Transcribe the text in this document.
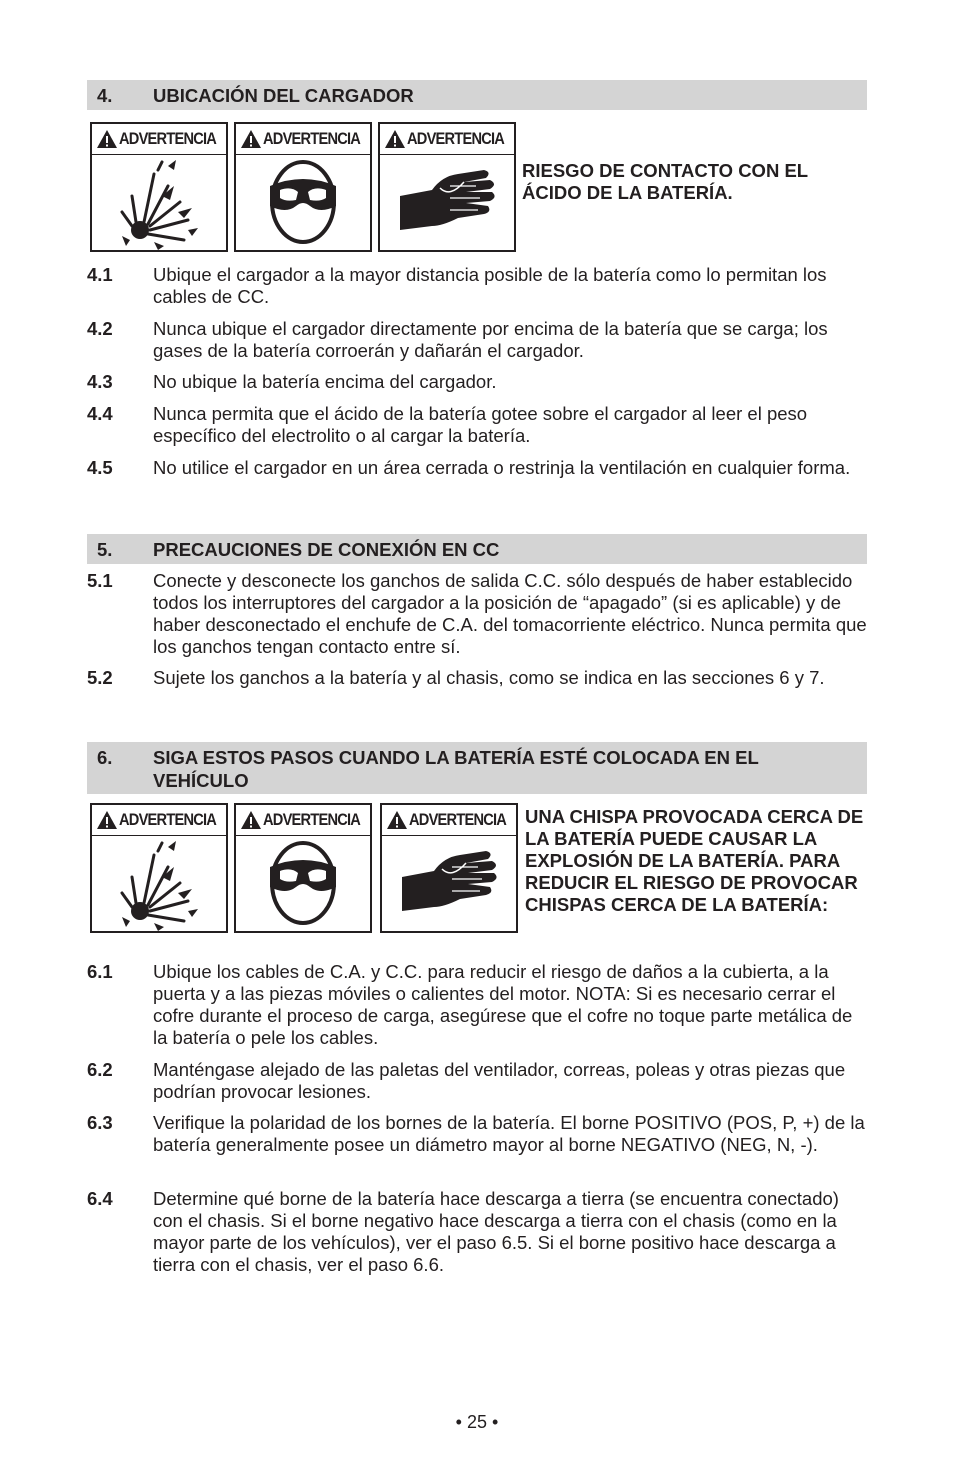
4. UBICACIÓN DEL CARGADOR
ADVERTENCIA	ADVERTENCIA	ADVERTENCIA
RIESGO DE CONTACTO CON EL ÁCIDO DE LA BATERÍA.
4.1 Ubique el cargador a la mayor distancia posible de la batería como lo permitan los cables de CC.
4.2 Nunca ubique el cargador directamente por encima de la batería que se carga; los gases de la batería corroerán y dañarán el cargador.
4.3 No ubique la batería encima del cargador.
4.4 Nunca permita que el ácido de la batería gotee sobre el cargador al leer el peso específico del electrolito o al cargar la batería.
4.5 No utilice el cargador en un área cerrada o restrinja la ventilación en cualquier forma.
5. PRECAUCIONES DE CONEXIÓN EN CC
5.1 Conecte y desconecte los ganchos de salida C.C. sólo después de haber establecido todos los interruptores del cargador a la posición de “apagado” (si es aplicable) y de haber desconectado el enchufe de C.A. del tomacorriente eléctrico. Nunca permita que los ganchos tengan contacto entre sí.
5.2 Sujete los ganchos a la batería y al chasis, como se indica en las secciones 6 y 7.
6. SIGA ESTOS PASOS CUANDO LA BATERÍA ESTÉ COLOCADA EN EL VEHÍCULO
ADVERTENCIA	ADVERTENCIA	ADVERTENCIA UNA CHISPA PROVOCADA CERCA DE LA BATERÍA PUEDE CAUSAR LA EXPLOSIÓN DE LA BATERÍA. PARA REDUCIR EL RIESGO DE PROVOCAR CHISPAS CERCA DE LA BATERÍA:
6.1 Ubique los cables de C.A. y C.C. para reducir el riesgo de daños a la cubierta, a la puerta y a las piezas móviles o calientes del motor. NOTA: Si es necesario cerrar el cofre durante el proceso de carga, asegúrese que el cofre no toque parte metálica de la batería o pele los cables.
6.2 Manténgase alejado de las paletas del ventilador, correas, poleas y otras piezas que podrían provocar lesiones.
6.3 Verifique la polaridad de los bornes de la batería. El borne POSITIVO (POS, P, +) de la batería generalmente posee un diámetro mayor al borne NEGATIVO (NEG, N, -).
6.4 Determine qué borne de la batería hace descarga a tierra (se encuentra conectado) con el chasis. Si el borne negativo hace descarga a tierra con el chasis (como en la mayor parte de los vehículos), ver el paso 6.5. Si el borne positivo hace descarga a tierra con el chasis, ver el paso 6.6.
• 25 •
